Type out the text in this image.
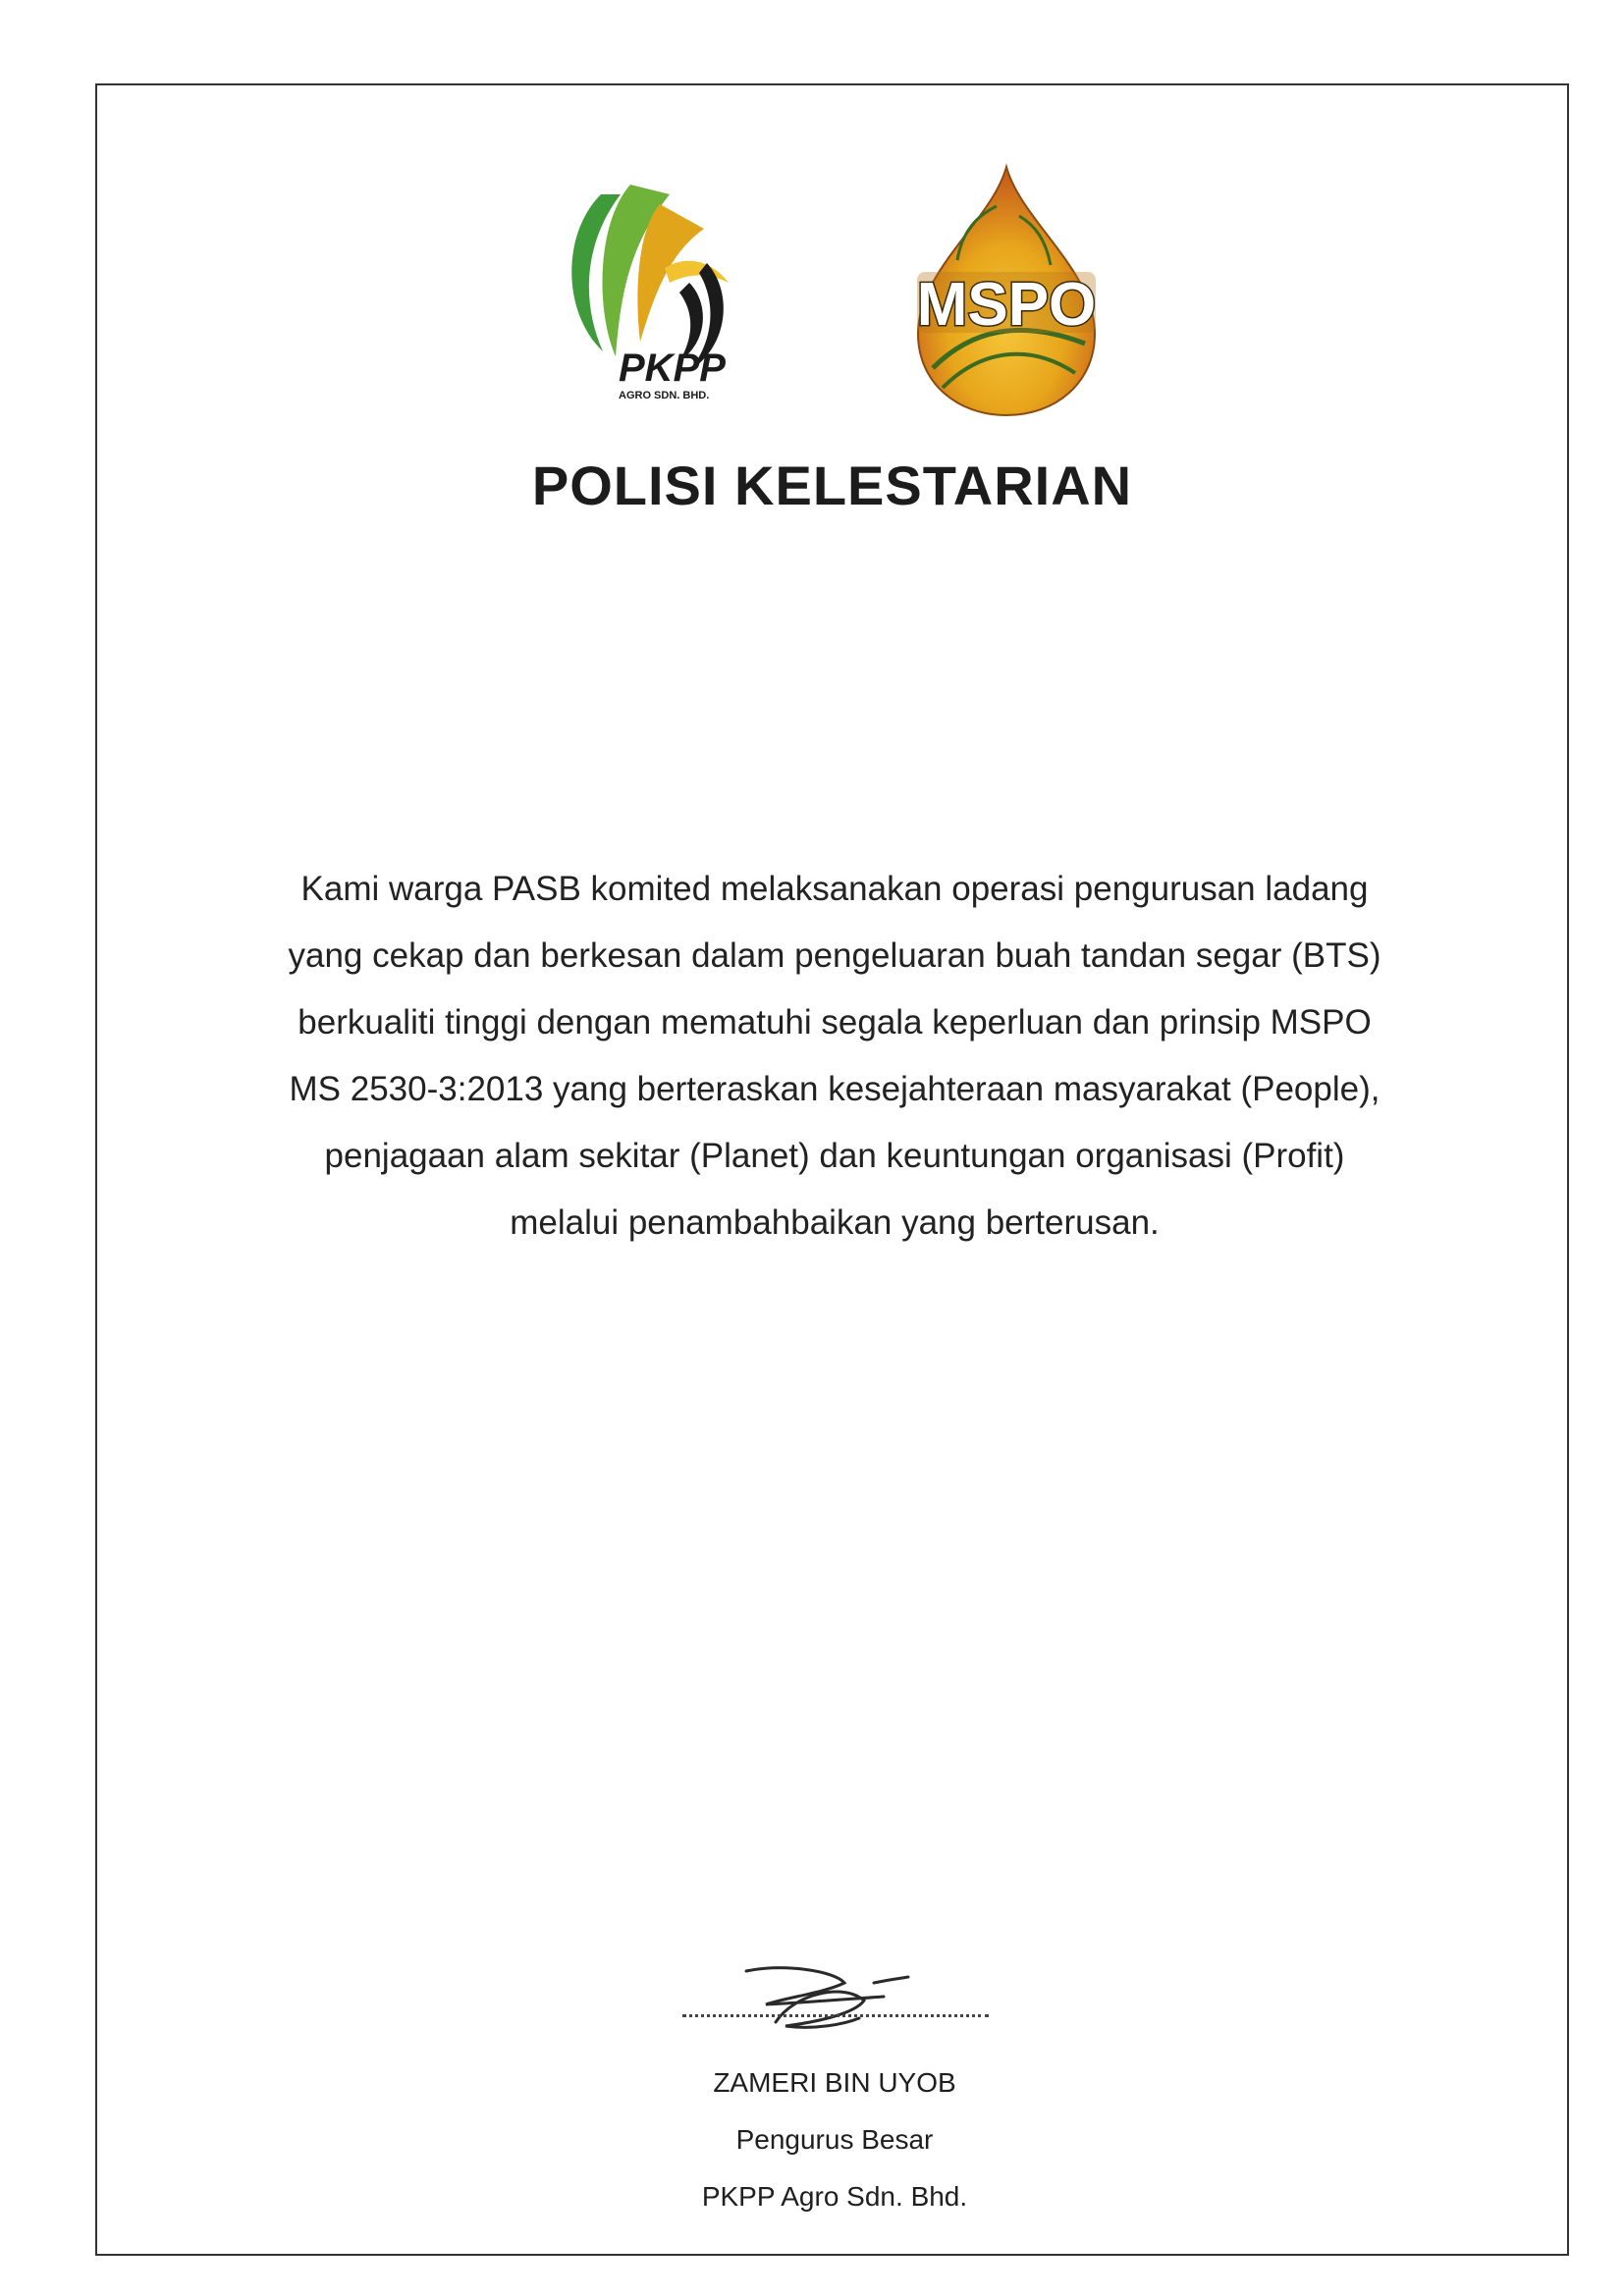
PKPP
AGRO SDN. BHD.
MSPO
POLISI KELESTARIAN
Kami warga PASB komited melaksanakan operasi pengurusan ladang
yang cekap dan berkesan dalam pengeluaran buah tandan segar (BTS)
berkualiti tinggi dengan mematuhi segala keperluan dan prinsip MSPO
MS 2530-3:2013 yang berteraskan kesejahteraan masyarakat (People),
penjagaan alam sekitar (Planet) dan keuntungan organisasi (Profit)
melalui penambahbaikan yang berterusan.
ZAMERI BIN UYOB
Pengurus Besar
PKPP Agro Sdn. Bhd.
